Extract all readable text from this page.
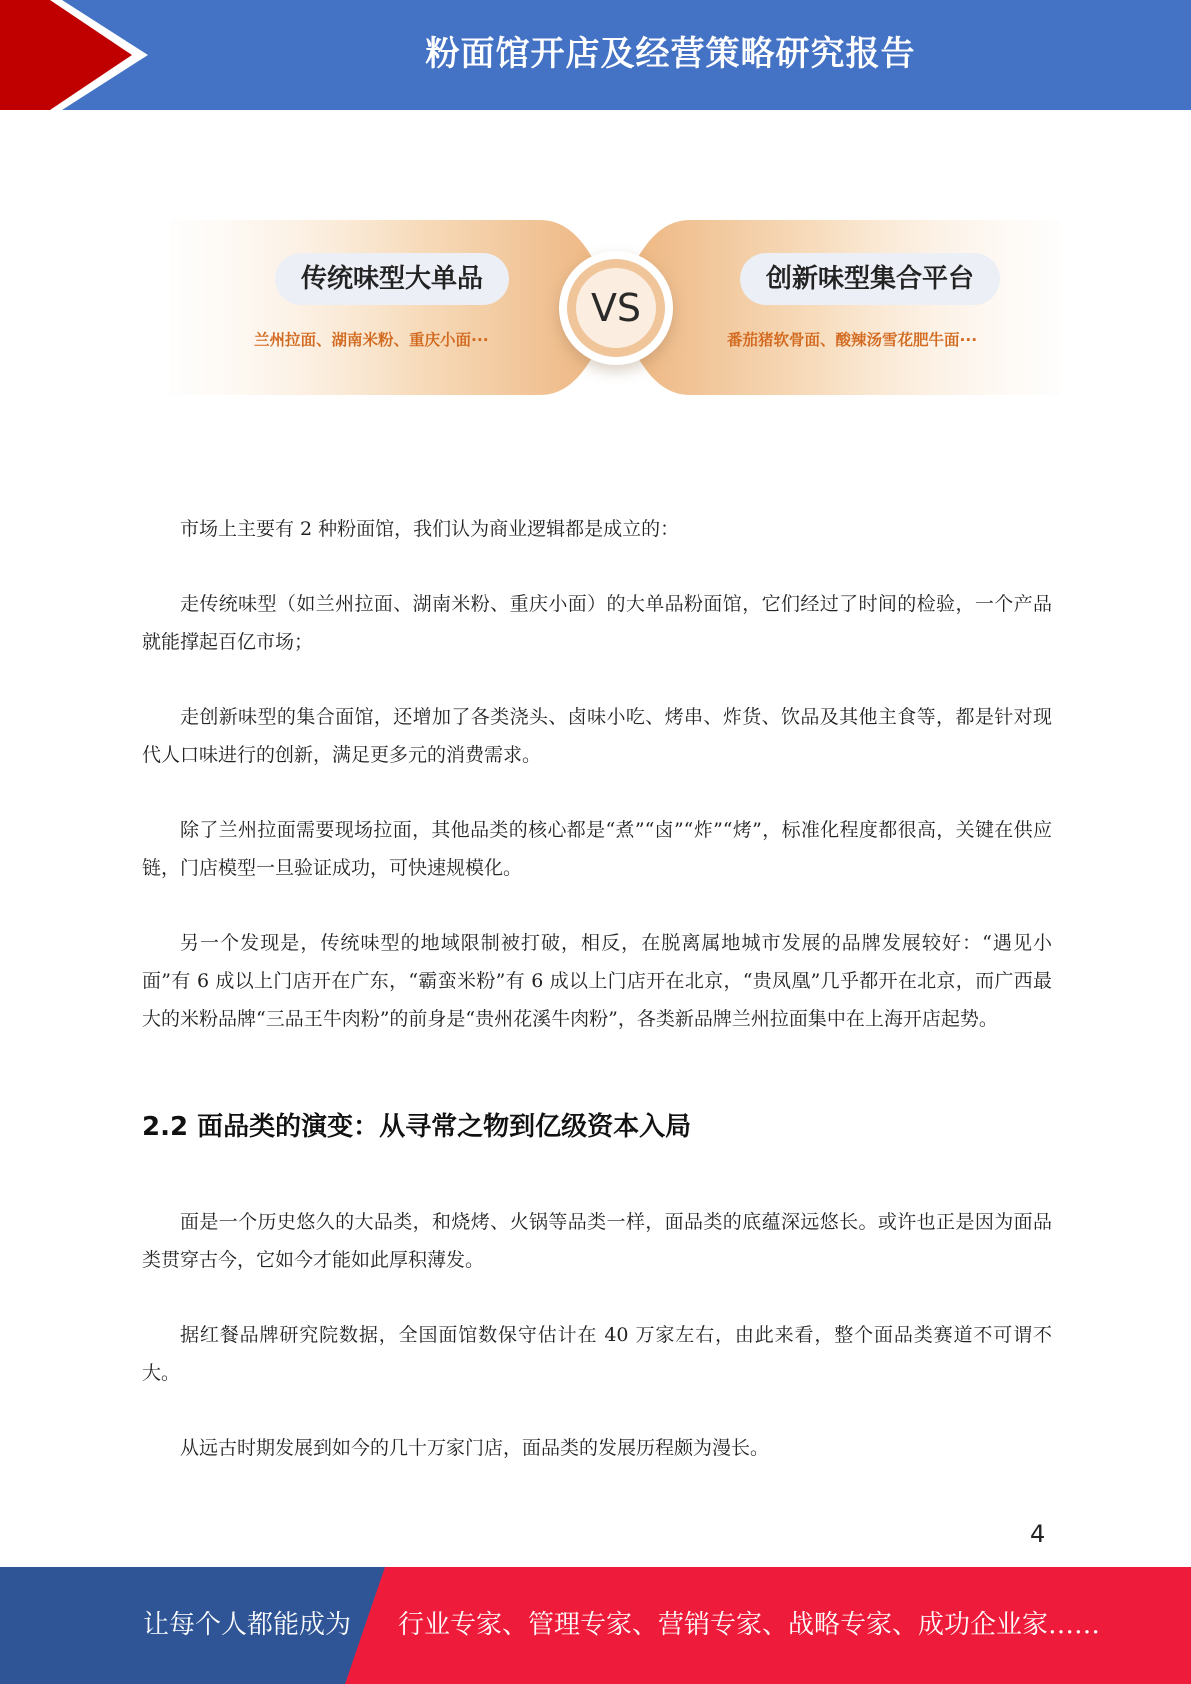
粉面馆开店及经营策略研究报告
传统味型大单品
兰州拉面、湖南米粉、重庆小面···
创新味型集合平台
番茄猪软骨面、酸辣汤雪花肥牛面···
VS

市场上主要有 2 种粉面馆，我们认为商业逻辑都是成立的：

走传统味型（如兰州拉面、湖南米粉、重庆小面）的大单品粉面馆，它们经过了时间的检验，一个产品就能撑起百亿市场；

走创新味型的集合面馆，还增加了各类浇头、卤味小吃、烤串、炸货、饮品及其他主食等，都是针对现代人口味进行的创新，满足更多元的消费需求。

除了兰州拉面需要现场拉面，其他品类的核心都是“煮”“卤”“炸”“烤”，标准化程度都很高，关键在供应链，门店模型一旦验证成功，可快速规模化。

另一个发现是，传统味型的地域限制被打破，相反，在脱离属地城市发展的品牌发展较好：“遇见小面”有 6 成以上门店开在广东，“霸蛮米粉”有 6 成以上门店开在北京，“贵凤凰”几乎都开在北京，而广西最大的米粉品牌“三品王牛肉粉”的前身是“贵州花溪牛肉粉”，各类新品牌兰州拉面集中在上海开店起势。

2.2 面品类的演变：从寻常之物到亿级资本入局

面是一个历史悠久的大品类，和烧烤、火锅等品类一样，面品类的底蕴深远悠长。或许也正是因为面品类贯穿古今，它如今才能如此厚积薄发。

据红餐品牌研究院数据，全国面馆数保守估计在 40 万家左右，由此来看，整个面品类赛道不可谓不大。

从远古时期发展到如今的几十万家门店，面品类的发展历程颇为漫长。

4
让每个人都能成为 行业专家、管理专家、营销专家、战略专家、成功企业家……
